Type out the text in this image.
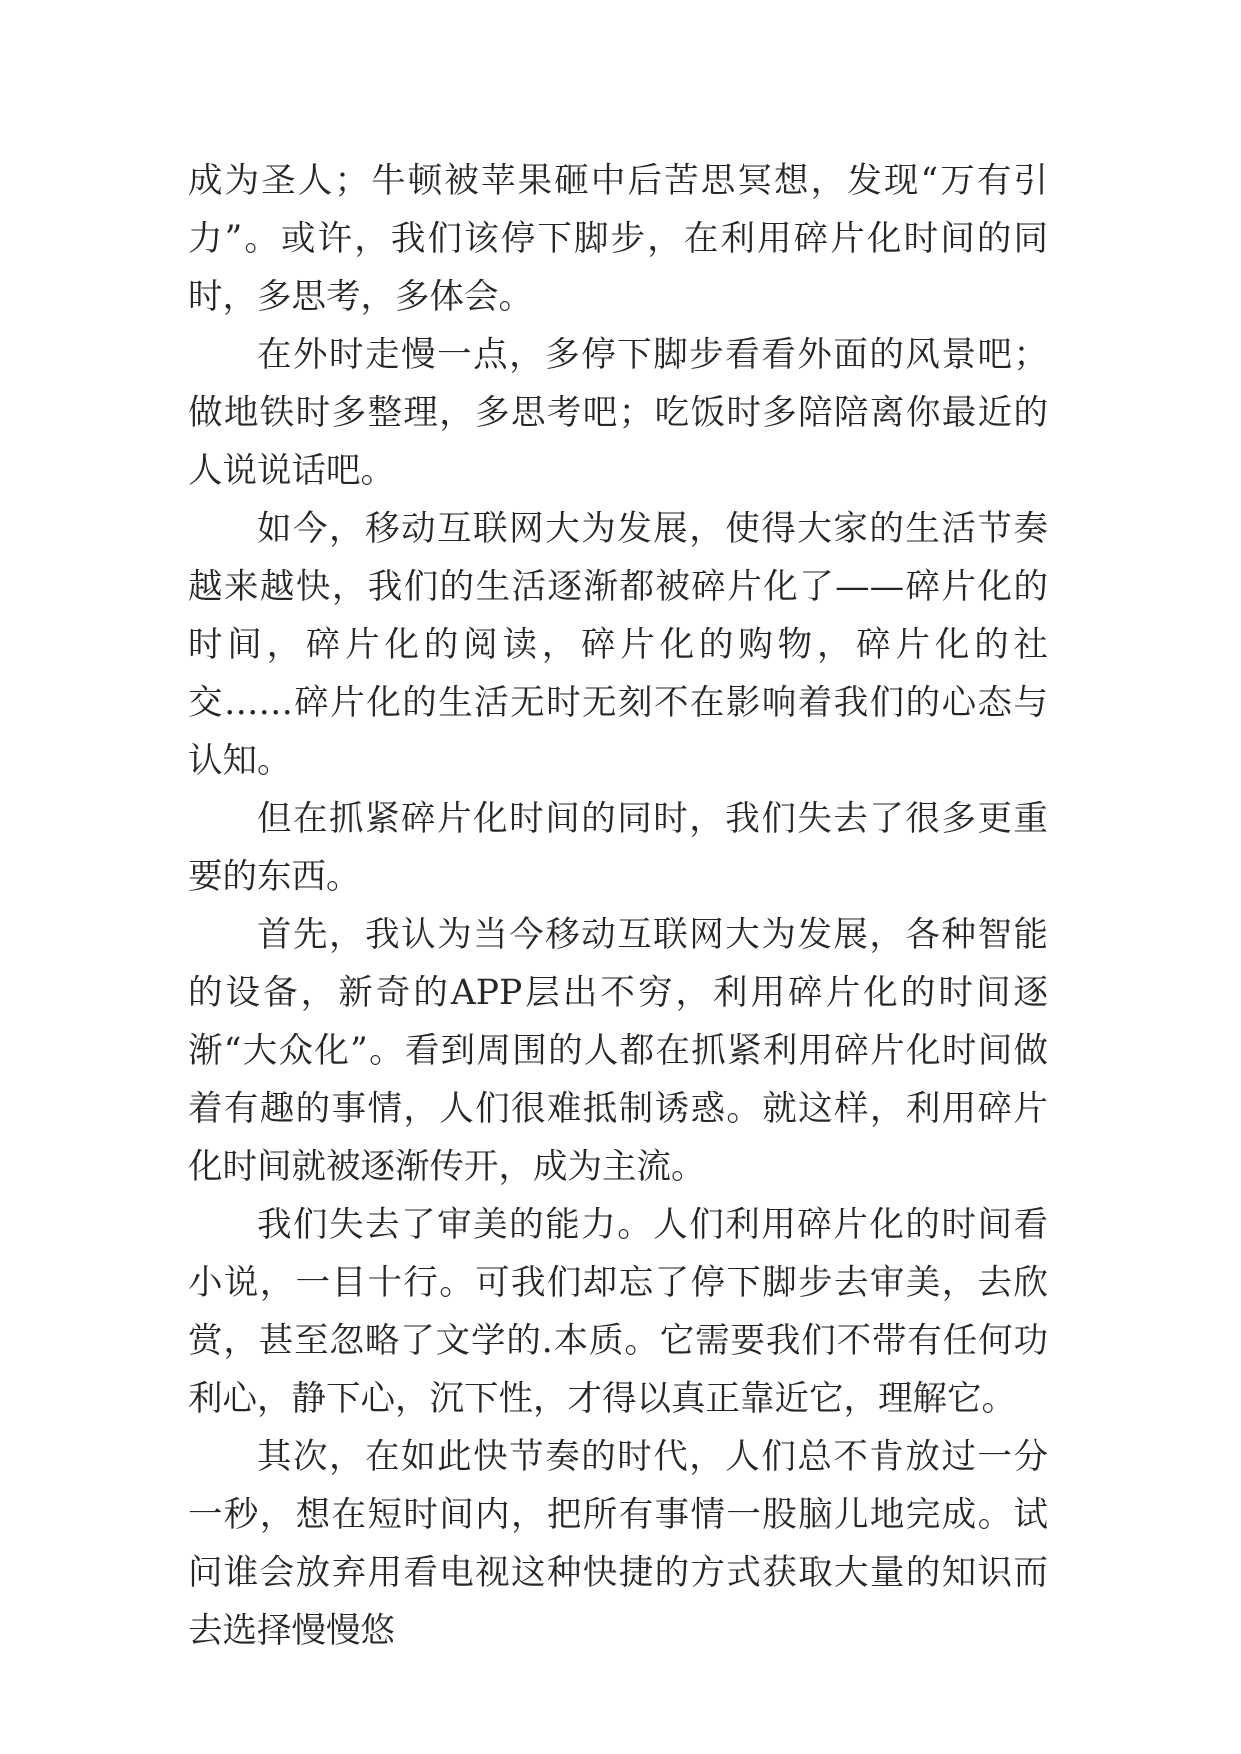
成为圣人；牛顿被苹果砸中后苦思冥想，发现“万有引力”。或许，我们该停下脚步，在利用碎片化时间的同时，多思考，多体会。

在外时走慢一点，多停下脚步看看外面的风景吧；做地铁时多整理，多思考吧；吃饭时多陪陪离你最近的人说说话吧。

如今，移动互联网大为发展，使得大家的生活节奏越来越快，我们的生活逐渐都被碎片化了——碎片化的时间，碎片化的阅读，碎片化的购物，碎片化的社交……碎片化的生活无时无刻不在影响着我们的心态与认知。

但在抓紧碎片化时间的同时，我们失去了很多更重要的东西。

首先，我认为当今移动互联网大为发展，各种智能的设备，新奇的APP层出不穷，利用碎片化的时间逐渐“大众化”。看到周围的人都在抓紧利用碎片化时间做着有趣的事情，人们很难抵制诱惑。就这样，利用碎片化时间就被逐渐传开，成为主流。

我们失去了审美的能力。人们利用碎片化的时间看小说，一目十行。可我们却忘了停下脚步去审美，去欣赏，甚至忽略了文学的.本质。它需要我们不带有任何功利心，静下心，沉下性，才得以真正靠近它，理解它。

其次，在如此快节奏的时代，人们总不肯放过一分一秒，想在短时间内，把所有事情一股脑儿地完成。试问谁会放弃用看电视这种快捷的方式获取大量的知识而去选择慢慢悠
